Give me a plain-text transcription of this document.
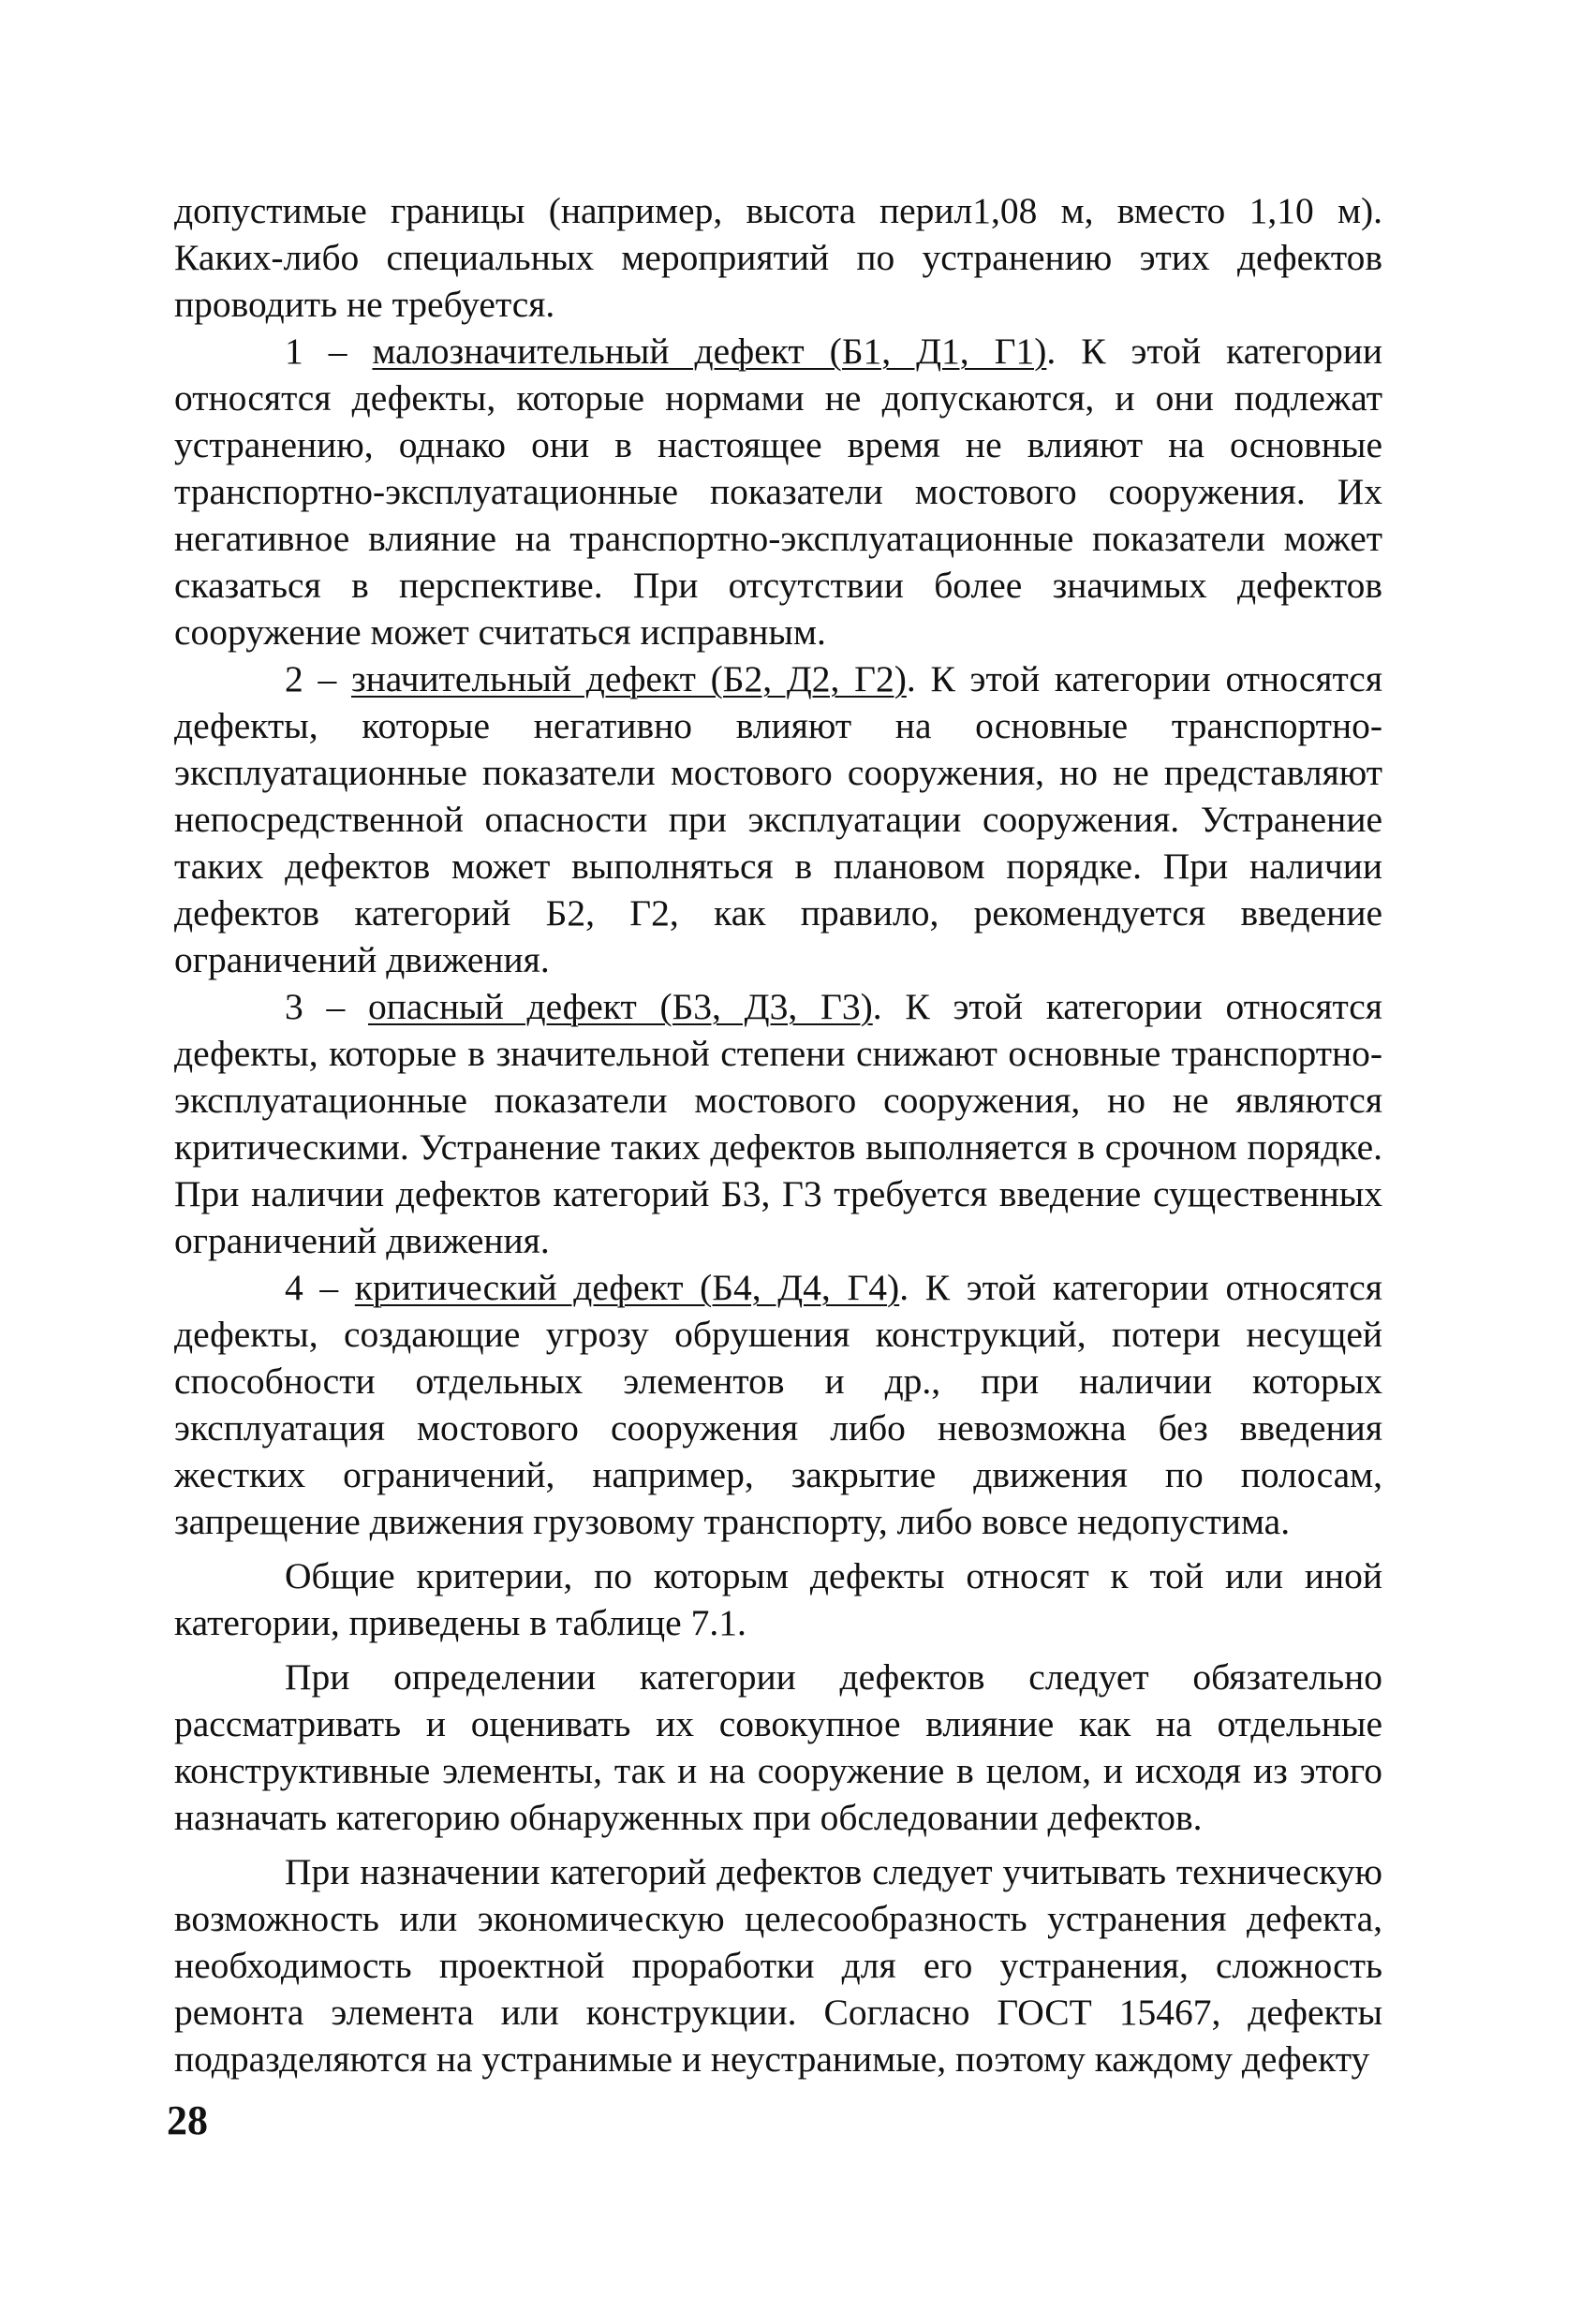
допустимые границы (например, высота перил1,08 м, вместо 1,10 м). Каких-либо специальных мероприятий по устранению этих дефектов проводить не требуется.

1 – малозначительный дефект (Б1, Д1, Г1). К этой категории относятся дефекты, которые нормами не допускаются, и они подлежат устранению, однако они в настоящее время не влияют на основные транспортно-эксплуатационные показатели мостового сооружения. Их негативное влияние на транспортно-эксплуатационные показатели может сказаться в перспективе. При отсутствии более значимых дефектов сооружение может считаться исправным.

2 – значительный дефект (Б2, Д2, Г2). К этой категории относятся дефекты, которые негативно влияют на основные транспортно-эксплуатационные показатели мостового сооружения, но не представляют непосредственной опасности при эксплуатации сооружения. Устранение таких дефектов может выполняться в плановом порядке. При наличии дефектов категорий Б2, Г2, как правило, рекомендуется введение ограничений движения.

3 – опасный дефект (Б3, Д3, Г3). К этой категории относятся дефекты, которые в значительной степени снижают основные транспортно-эксплуатационные показатели мостового сооружения, но не являются критическими. Устранение таких дефектов выполняется в срочном порядке. При наличии дефектов категорий Б3, Г3 требуется введение существенных ограничений движения.

4 – критический дефект (Б4, Д4, Г4). К этой категории относятся дефекты, создающие угрозу обрушения конструкций, потери несущей способности отдельных элементов и др., при наличии которых эксплуатация мостового сооружения либо невозможна без введения жестких ограничений, например, закрытие движения по полосам, запрещение движения грузовому транспорту, либо вовсе недопустима.

Общие критерии, по которым дефекты относят к той или иной категории, приведены в таблице 7.1.

При определении категории дефектов следует обязательно рассматривать и оценивать их совокупное влияние как на отдельные конструктивные элементы, так и на сооружение в целом, и исходя из этого назначать категорию обнаруженных при обследовании дефектов.

При назначении категорий дефектов следует учитывать техническую возможность или экономическую целесообразность устранения дефекта, необходимость проектной проработки для его устранения, сложность ремонта элемента или конструкции. Согласно ГОСТ 15467, дефекты подразделяются на устранимые и неустранимые, поэтому каждому дефекту

28
